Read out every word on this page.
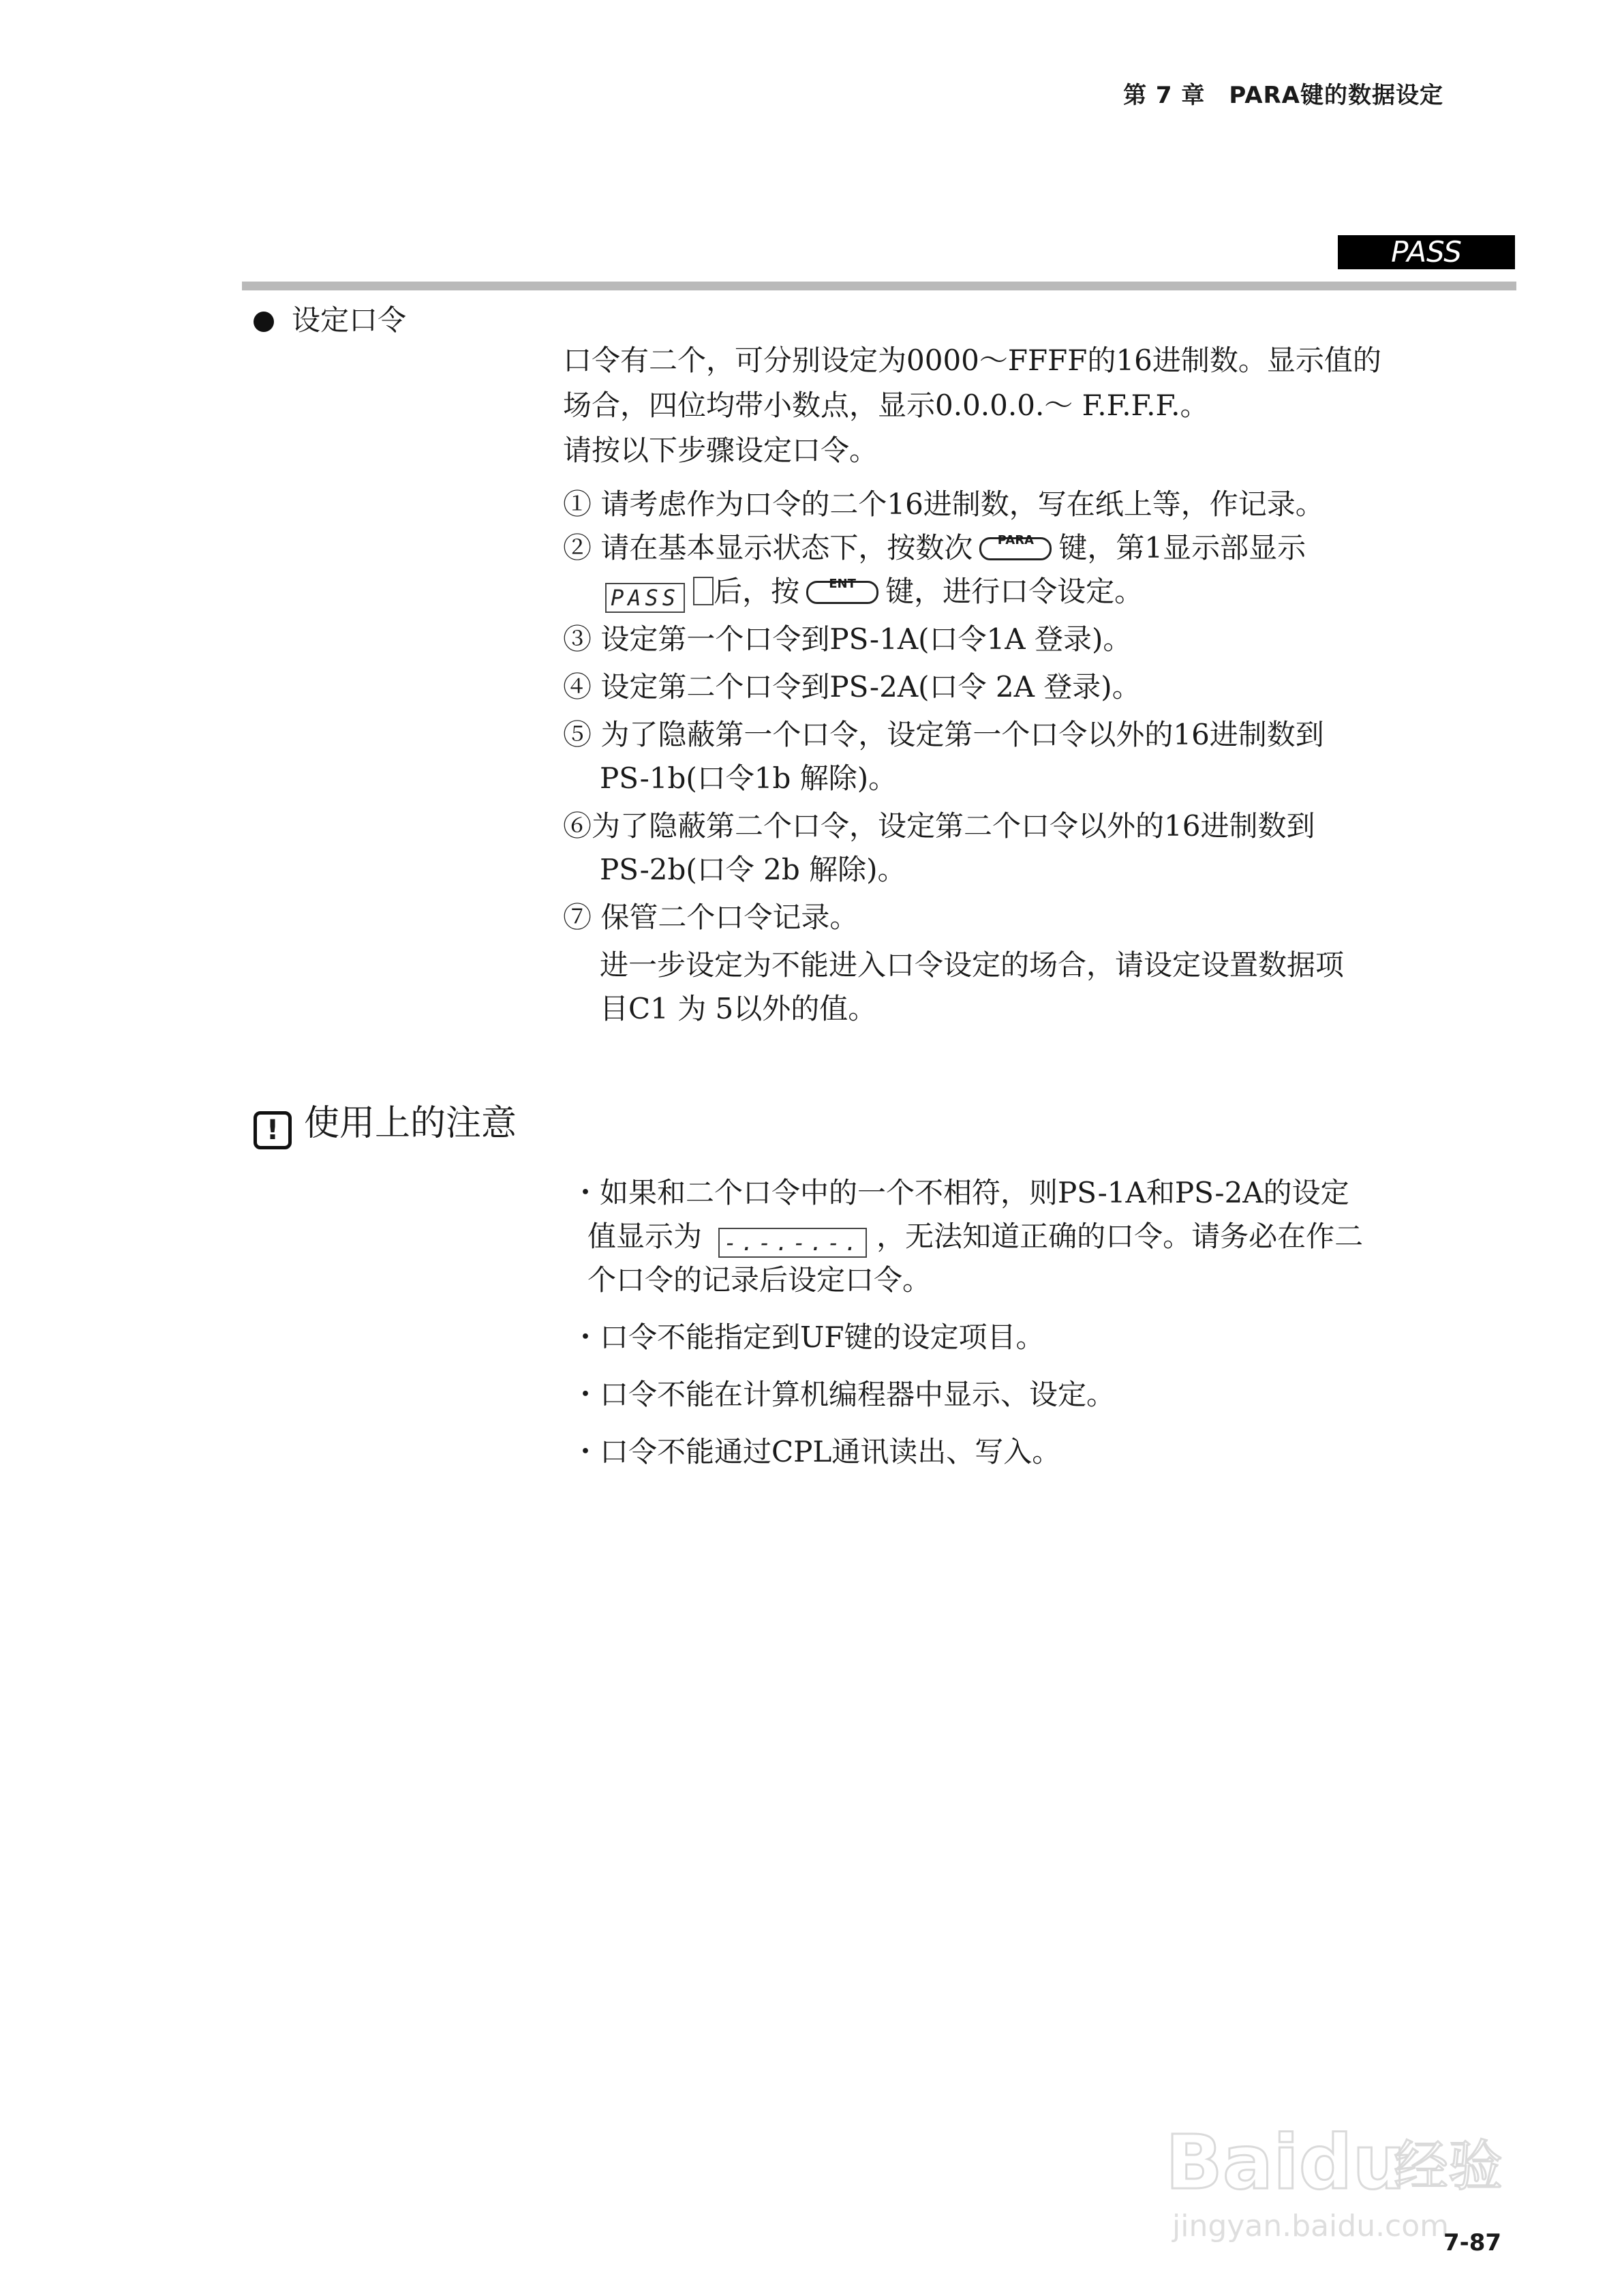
第 7 章　PARA键的数据设定
PASS
设定口令
口令有二个，可分别设定为0000～FFFF的16进制数。显示值的
场合，四位均带小数点，显示0.0.0.0.～ F.F.F.F.。
请按以下步骤设定口令。
① 请考虑作为口令的二个16进制数，写在纸上等，作记录。
② 请在基本显示状态下，按数次	PARA 键，第1显示部显示
PASS 后，按	ENT	键，进行口令设定。
③ 设定第一个口令到PS-1A(口令1A 登录)。
④ 设定第二个口令到PS-2A(口令 2A 登录)。
⑤ 为了隐蔽第一个口令，设定第一个口令以外的16进制数到
PS-1b(口令1b 解除)。
⑥为了隐蔽第二个口令，设定第二个口令以外的16进制数到
PS-2b(口令 2b 解除)。
⑦ 保管二个口令记录。
进一步设定为不能进入口令设定的场合，请设定设置数据项
目C1 为 5以外的值。
! 使用上的注意
・如果和二个口令中的一个不相符，则PS-1A和PS-2A的设定
值显示为 -.-.-.-. ，无法知道正确的口令。请务必在作二
个口令的记录后设定口令。
・口令不能指定到UF键的设定项目。
・口令不能在计算机编程器中显示、设定。
・口令不能通过CPL通讯读出、写入。
Baidu
经验
jingyan.baidu.com
7-87
